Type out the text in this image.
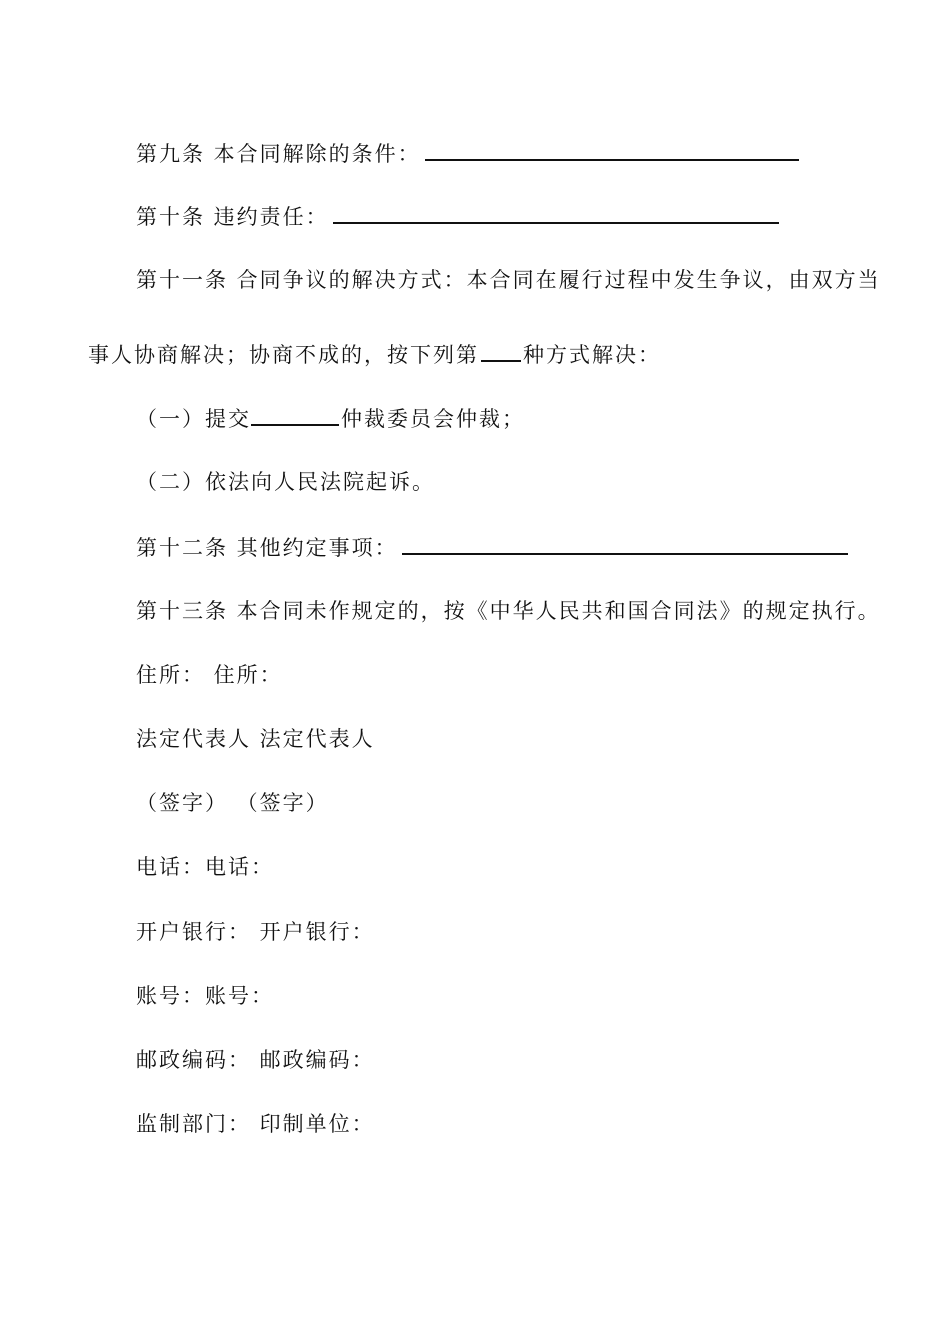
第九条 本合同解除的条件：
第十条 违约责任：
第十一条 合同争议的解决方式：本合同在履行过程中发生争议，由双方当
事人协商解决；协商不成的，按下列第 种方式解决：
（一）提交	仲裁委员会仲裁；
（二）依法向人民法院起诉。
第十二条 其他约定事项：
第十三条 本合同未作规定的，按《中华人民共和国合同法》的规定执行。
住所： 住所：
法定代表人 法定代表人
（签字） （签字）
电话：电话：
开户银行： 开户银行：
账号：账号：
邮政编码： 邮政编码：
监制部门： 印制单位：
